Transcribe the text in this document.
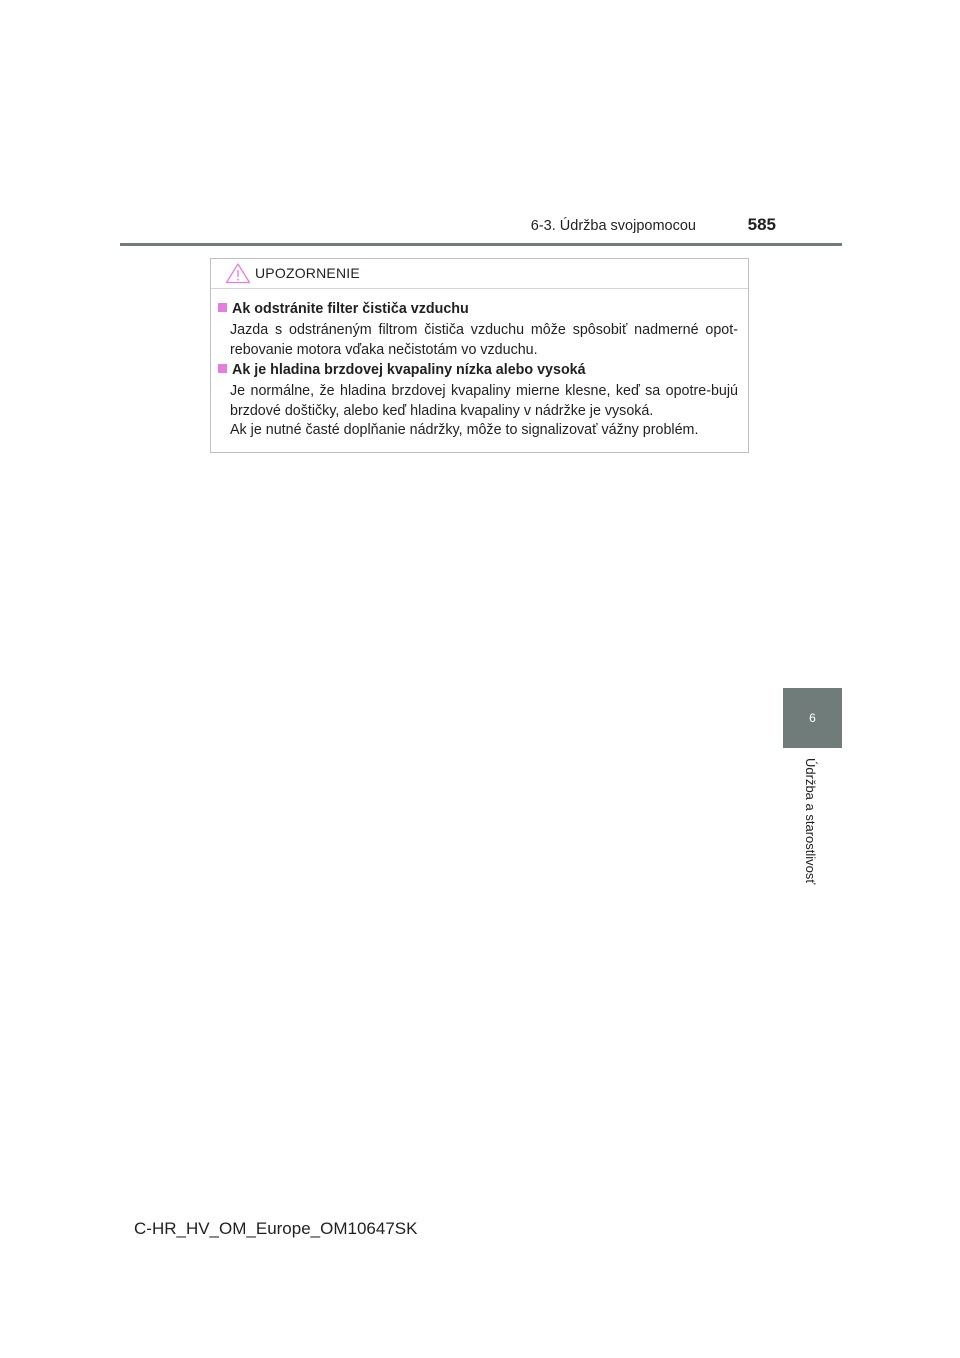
6-3. Údržba svojpomocou	585
UPOZORNENIE
Ak odstránite filter čističa vzduchu

Jazda s odstráneným filtrom čističa vzduchu môže spôsobiť nadmerné opot-rebovanie motora vďaka nečistotám vo vzduchu.

Ak je hladina brzdovej kvapaliny nízka alebo vysoká

Je normálne, že hladina brzdovej kvapaliny mierne klesne, keď sa opotre-bujú brzdové doštičky, alebo keď hladina kvapaliny v nádržke je vysoká.

Ak je nutné časté doplňanie nádržky, môže to signalizovať vážny problém.

6
Údržba a starostlivosť
C-HR_HV_OM_Europe_OM10647SK
